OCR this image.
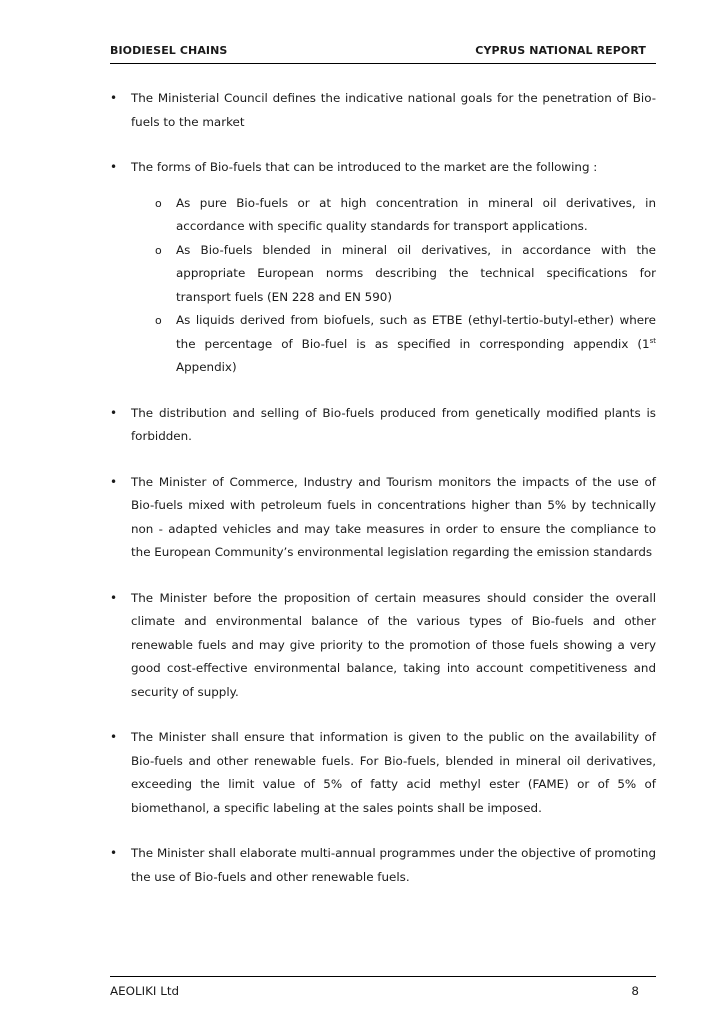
BIODIESEL CHAINS	CYPRUS NATIONAL REPORT
• The Ministerial Council defines the indicative national goals for the penetration of Bio-fuels to the market

• The forms of Bio-fuels that can be introduced to the market are the following :

o As pure Bio-fuels or at high concentration in mineral oil derivatives, in accordance with specific quality standards for transport applications.
o As Bio-fuels blended in mineral oil derivatives, in accordance with the appropriate European norms describing the technical specifications for transport fuels (EN 228 and EN 590)
o As liquids derived from biofuels, such as ETBE (ethyl-tertio-butyl-ether) where the percentage of Bio-fuel is as specified in corresponding appendix (1st Appendix)
• The distribution and selling of Bio-fuels produced from genetically modified plants is forbidden.

• The Minister of Commerce, Industry and Tourism monitors the impacts of the use of Bio-fuels mixed with petroleum fuels in concentrations higher than 5% by technically non - adapted vehicles and may take measures in order to ensure the compliance to the European Community’s environmental legislation regarding the emission standards

• The Minister before the proposition of certain measures should consider the overall climate and environmental balance of the various types of Bio-fuels and other renewable fuels and may give priority to the promotion of those fuels showing a very good cost-effective environmental balance, taking into account competitiveness and security of supply.

• The Minister shall ensure that information is given to the public on the availability of Bio-fuels and other renewable fuels. For Bio-fuels, blended in mineral oil derivatives, exceeding the limit value of 5% of fatty acid methyl ester (FAME) or of 5% of biomethanol, a specific labeling at the sales points shall be imposed.

• The Minister shall elaborate multi-annual programmes under the objective of promoting the use of Bio-fuels and other renewable fuels.

AEOLIKI Ltd	8
